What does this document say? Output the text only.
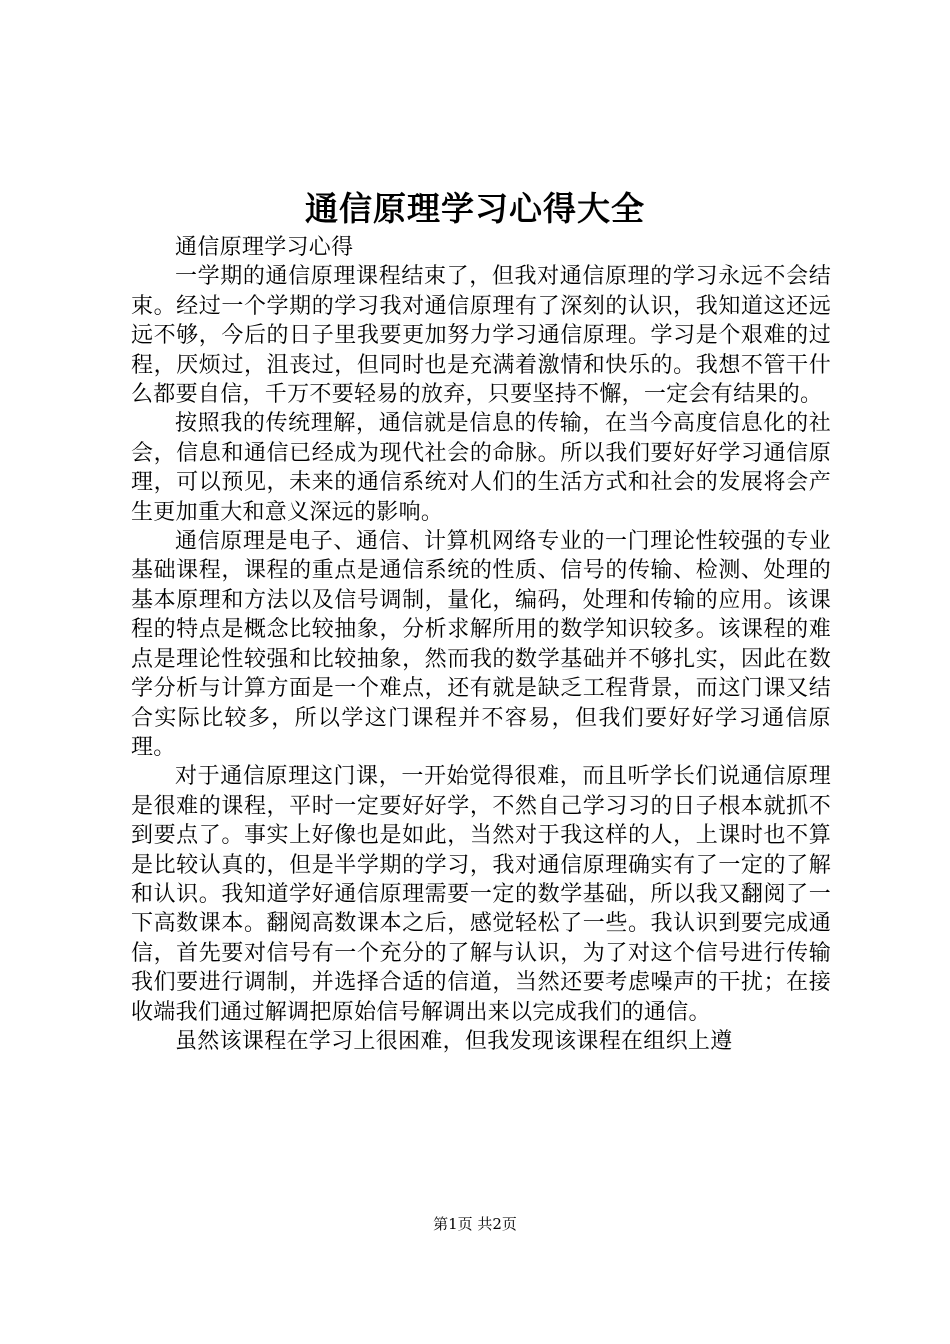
通信原理学习心得大全

通信原理学习心得

一学期的通信原理课程结束了，但我对通信原理的学习永远不会结束。经过一个学期的学习我对通信原理有了深刻的认识，我知道这还远远不够，今后的日子里我要更加努力学习通信原理。学习是个艰难的过程，厌烦过，沮丧过，但同时也是充满着激情和快乐的。我想不管干什么都要自信，千万不要轻易的放弃，只要坚持不懈，一定会有结果的。

按照我的传统理解，通信就是信息的传输，在当今高度信息化的社会，信息和通信已经成为现代社会的命脉。所以我们要好好学习通信原理，可以预见，未来的通信系统对人们的生活方式和社会的发展将会产生更加重大和意义深远的影响。

通信原理是电子、通信、计算机网络专业的一门理论性较强的专业基础课程，课程的重点是通信系统的性质、信号的传输、检测、处理的基本原理和方法以及信号调制，量化，编码，处理和传输的应用。该课程的特点是概念比较抽象，分析求解所用的数学知识较多。该课程的难点是理论性较强和比较抽象，然而我的数学基础并不够扎实，因此在数学分析与计算方面是一个难点，还有就是缺乏工程背景，而这门课又结合实际比较多，所以学这门课程并不容易，但我们要好好学习通信原理。

对于通信原理这门课，一开始觉得很难，而且听学长们说通信原理是很难的课程，平时一定要好好学，不然自己学习习的日子根本就抓不到要点了。事实上好像也是如此，当然对于我这样的人，上课时也不算是比较认真的，但是半学期的学习，我对通信原理确实有了一定的了解和认识。我知道学好通信原理需要一定的数学基础，所以我又翻阅了一下高数课本。翻阅高数课本之后，感觉轻松了一些。我认识到要完成通信，首先要对信号有一个充分的了解与认识，为了对这个信号进行传输我们要进行调制，并选择合适的信道，当然还要考虑噪声的干扰；在接收端我们通过解调把原始信号解调出来以完成我们的通信。

虽然该课程在学习上很困难，但我发现该课程在组织上遵

第1页 共2页
